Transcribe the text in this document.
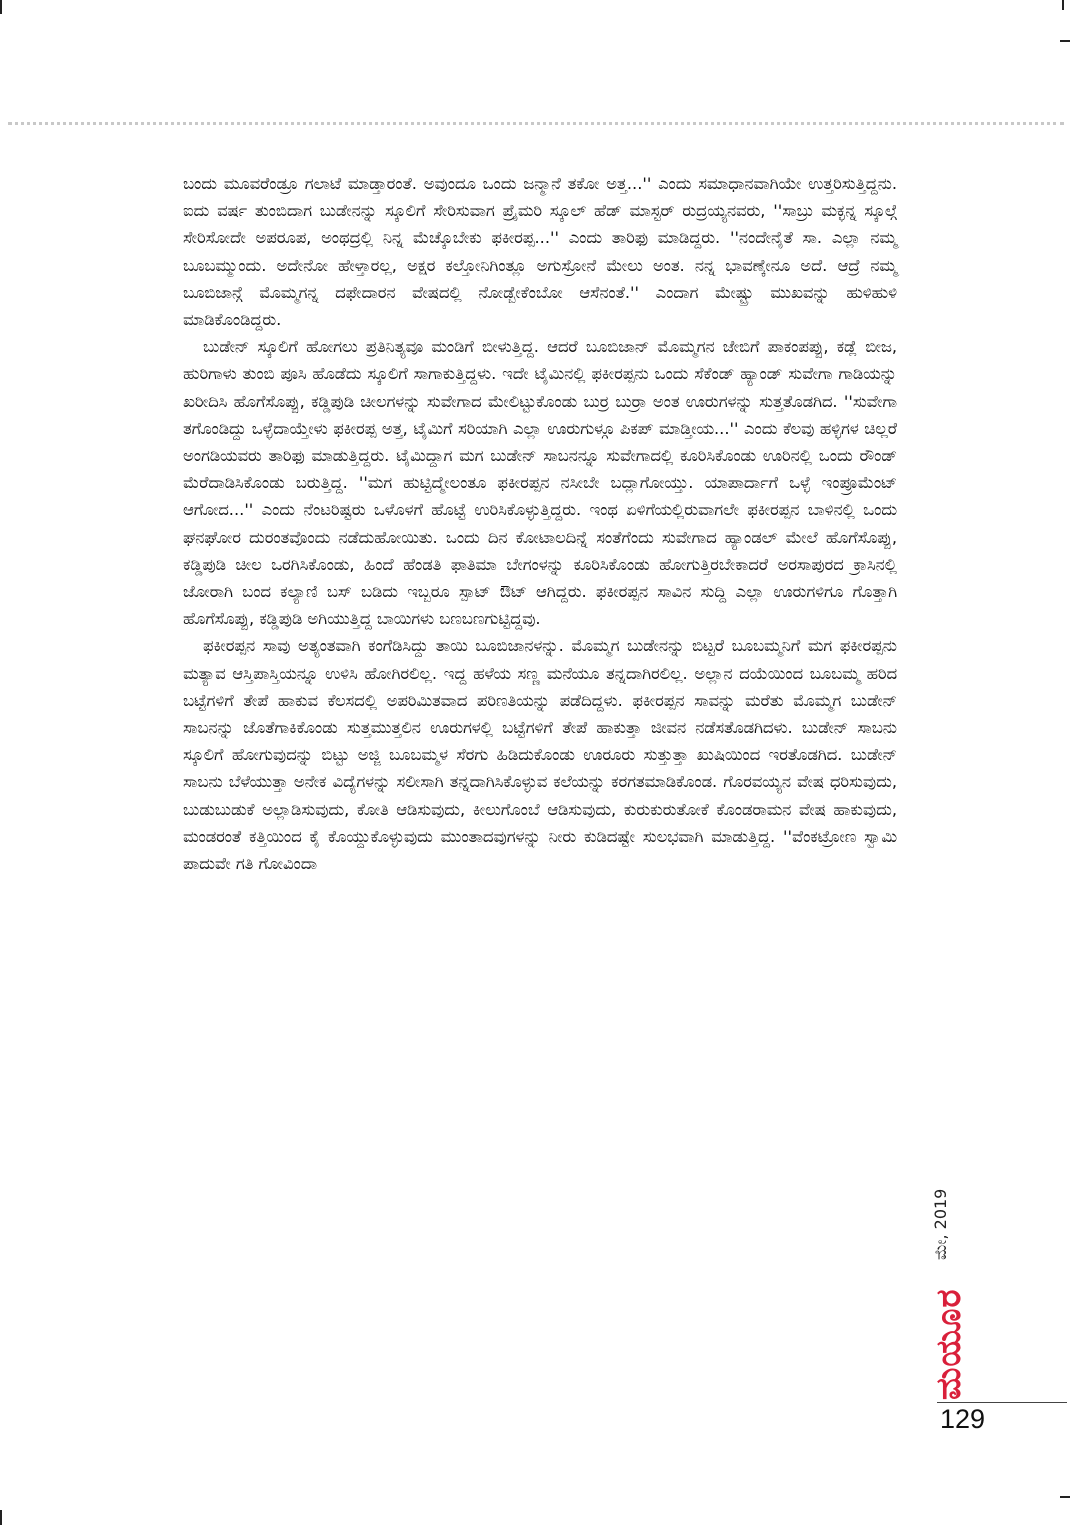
ಬಂದು ಮೂವರೆಂಡ್ರೂ ಗಲಾಟೆ ಮಾಡ್ತಾರಂತೆ. ಅವುಂದೂ ಒಂದು ಜನ್ಮಾನೆ ತಕೋ ಅತ್ತ...'' ಎಂದು ಸಮಾಧಾನವಾಗಿಯೇ ಉತ್ತರಿಸುತ್ತಿದ್ದನು. ಐದು ವರ್ಷ ತುಂಬಿದಾಗ ಬುಡೇನನ್ನು ಸ್ಕೂಲಿಗೆ ಸೇರಿಸುವಾಗ ಪ್ರೈಮರಿ ಸ್ಕೂಲ್ ಹೆಡ್ ಮಾಸ್ಟರ್ ರುದ್ರಯ್ಯನವರು, ''ಸಾಬ್ರು ಮಕ್ಳನ್ನ ಸ್ಕೂಲ್ಗೆ ಸೇರಿಸೋದೇ ಅಪರೂಪ, ಅಂಥದ್ರಲ್ಲಿ ನಿನ್ನ ಮೆಚ್ಕೊಬೇಕು ಫಕೀರಪ್ಪ...'' ಎಂದು ತಾರಿಫು ಮಾಡಿದ್ದರು. ''ನಂದೇನೈತೆ ಸಾ. ಎಲ್ಲಾ ನಮ್ಮ ಬೂಬಮ್ಮುಂದು. ಅದೇನೋ ಹೇಳ್ತಾರಲ್ಲ, ಅಕ್ಷರ ಕಲ್ತೋನಿಗಿಂತ್ಲೂ ಅಗುಸ್ರೋನೆ ಮೇಲು ಅಂತ. ನನ್ನ ಭಾವಣ್ಕೇನೂ ಅದೆ. ಆದ್ರೆ ನಮ್ಮ ಬೂಬಿಜಾನ್ಗೆ ಮೊಮ್ಮಗನ್ನ ದಫೇದಾರನ ವೇಷದಲ್ಲಿ ನೋಡ್ಬೇಕೆಂಬೋ ಆಸೆನಂತೆ.'' ಎಂದಾಗ ಮೇಷ್ಟ್ರು ಮುಖವನ್ನು ಹುಳಿಹುಳಿ ಮಾಡಿಕೊಂಡಿದ್ದರು.

ಬುಡೇನ್ ಸ್ಕೂಲಿಗೆ ಹೋಗಲು ಪ್ರತಿನಿತ್ಯವೂ ಮಂಡಿಗೆ ಬೀಳುತ್ತಿದ್ದ. ಆದರೆ ಬೂಬಿಜಾನ್ ಮೊಮ್ಮಗನ ಜೇಬಿಗೆ ಪಾಕಂಪಪ್ಪು, ಕಡ್ಲೆ ಬೀಜ, ಹುರಿಗಾಳು ತುಂಬಿ ಪೂಸಿ ಹೊಡೆದು ಸ್ಕೂಲಿಗೆ ಸಾಗಾಕುತ್ತಿದ್ದಳು. ಇದೇ ಟೈಮಿನಲ್ಲಿ ಫಕೀರಪ್ಪನು ಒಂದು ಸೆಕೆಂಡ್ ಹ್ಯಾಂಡ್ ಸುವೇಗಾ ಗಾಡಿಯನ್ನು ಖರೀದಿಸಿ ಹೊಗೆಸೊಪ್ಪು, ಕಡ್ಡಿಪುಡಿ ಚೀಲಗಳನ್ನು ಸುವೇಗಾದ ಮೇಲಿಟ್ಟುಕೊಂಡು ಬುರ್ರ ಬುರ್ರಾ ಅಂತ ಊರುಗಳನ್ನು ಸುತ್ತತೊಡಗಿದ. ''ಸುವೇಗಾ ತಗೊಂಡಿದ್ದು ಒಳ್ಳೆದಾಯ್ತೇಳು ಫಕೀರಪ್ಪ ಅತ್ತ, ಟೈಮಿಗೆ ಸರಿಯಾಗಿ ಎಲ್ಲಾ ಊರುಗುಳ್ಗೂ ಪಿಕಪ್ ಮಾಡ್ತೀಯ...'' ಎಂದು ಕೆಲವು ಹಳ್ಳಿಗಳ ಚಿಲ್ಲರೆ ಅಂಗಡಿಯವರು ತಾರಿಫು ಮಾಡುತ್ತಿದ್ದರು. ಟೈಮಿದ್ದಾಗ ಮಗ ಬುಡೇನ್ ಸಾಬನನ್ನೂ ಸುವೇಗಾದಲ್ಲಿ ಕೂರಿಸಿಕೊಂಡು ಊರಿನಲ್ಲಿ ಒಂದು ರೌಂಡ್ ಮೆರೆದಾಡಿಸಿಕೊಂಡು ಬರುತ್ತಿದ್ದ. ''ಮಗ ಹುಟ್ಟಿದ್ಮೇಲಂತೂ ಫಕೀರಪ್ಪನ ನಸೀಬೇ ಬದ್ಲಾಗೋಯ್ತು. ಯಾಪಾರ್ದಾಗೆ ಒಳ್ಳೆ ಇಂಪ್ರೂಮೆಂಟ್ ಆಗೋದ...'' ಎಂದು ನೆಂಟರಿಷ್ಟರು ಒಳೊಳಗೆ ಹೊಟ್ಟೆ ಉರಿಸಿಕೊಳ್ಳುತ್ತಿದ್ದರು. ಇಂಥ ಏಳಿಗೆಯಲ್ಲಿರುವಾಗಲೇ ಫಕೀರಪ್ಪನ ಬಾಳಿನಲ್ಲಿ ಒಂದು ಘನಘೋರ ದುರಂತವೊಂದು ನಡೆದುಹೋಯಿತು. ಒಂದು ದಿನ ಕೋಟಾಲದಿನ್ನೆ ಸಂತೆಗೆಂದು ಸುವೇಗಾದ ಹ್ಯಾಂಡಲ್ ಮೇಲೆ ಹೊಗೆಸೊಪ್ಪು, ಕಡ್ಡಿಪುಡಿ ಚೀಲ ಒರಗಿಸಿಕೊಂಡು, ಹಿಂದೆ ಹೆಂಡತಿ ಫಾತಿಮಾ ಬೇಗಂಳನ್ನು ಕೂರಿಸಿಕೊಂಡು ಹೋಗುತ್ತಿರಬೇಕಾದರೆ ಅರಸಾಪುರದ ಕ್ರಾಸಿನಲ್ಲಿ ಜೋರಾಗಿ ಬಂದ ಕಲ್ಯಾಣಿ ಬಸ್ ಬಡಿದು ಇಬ್ಬರೂ ಸ್ಪಾಟ್ ಔಟ್ ಆಗಿದ್ದರು. ಫಕೀರಪ್ಪನ ಸಾವಿನ ಸುದ್ದಿ ಎಲ್ಲಾ ಊರುಗಳಿಗೂ ಗೊತ್ತಾಗಿ ಹೊಗೆಸೊಪ್ಪು, ಕಡ್ಡಿಪುಡಿ ಅಗಿಯುತ್ತಿದ್ದ ಬಾಯಿಗಳು ಬಣಬಣಗುಟ್ಟಿದ್ದವು.

ಫಕೀರಪ್ಪನ ಸಾವು ಅತ್ಯಂತವಾಗಿ ಕಂಗೆಡಿಸಿದ್ದು ತಾಯಿ ಬೂಬಿಜಾನಳನ್ನು. ಮೊಮ್ಮಗ ಬುಡೇನನ್ನು ಬಿಟ್ಟರೆ ಬೂಬಮ್ಮನಿಗೆ ಮಗ ಫಕೀರಪ್ಪನು ಮತ್ಯಾವ ಆಸ್ತಿಪಾಸ್ತಿಯನ್ನೂ ಉಳಿಸಿ ಹೋಗಿರಲಿಲ್ಲ. ಇದ್ದ ಹಳೆಯ ಸಣ್ಣ ಮನೆಯೂ ತನ್ನದಾಗಿರಲಿಲ್ಲ. ಅಲ್ಲಾನ ದಯೆಯಿಂದ ಬೂಬಮ್ಮ ಹರಿದ ಬಟ್ಟೆಗಳಿಗೆ ತೇಪೆ ಹಾಕುವ ಕೆಲಸದಲ್ಲಿ ಅಪರಿಮಿತವಾದ ಪರಿಣತಿಯನ್ನು ಪಡೆದಿದ್ದಳು. ಫಕೀರಪ್ಪನ ಸಾವನ್ನು ಮರೆತು ಮೊಮ್ಮಗ ಬುಡೇನ್ ಸಾಬನನ್ನು ಜೊತೆಗಾಕಿಕೊಂಡು ಸುತ್ತಮುತ್ತಲಿನ ಊರುಗಳಲ್ಲಿ ಬಟ್ಟೆಗಳಿಗೆ ತೇಪೆ ಹಾಕುತ್ತಾ ಜೀವನ ನಡೆಸತೊಡಗಿದಳು. ಬುಡೇನ್ ಸಾಬನು ಸ್ಕೂಲಿಗೆ ಹೋಗುವುದನ್ನು ಬಿಟ್ಟು ಅಜ್ಜಿ ಬೂಬಮ್ಮಳ ಸೆರಗು ಹಿಡಿದುಕೊಂಡು ಊರೂರು ಸುತ್ತುತ್ತಾ ಖುಷಿಯಿಂದ ಇರತೊಡಗಿದ. ಬುಡೇನ್ ಸಾಬನು ಬೆಳೆಯುತ್ತಾ ಅನೇಕ ವಿದ್ಯೆಗಳನ್ನು ಸಲೀಸಾಗಿ ತನ್ನದಾಗಿಸಿಕೊಳ್ಳುವ ಕಲೆಯನ್ನು ಕರಗತಮಾಡಿಕೊಂಡ. ಗೊರವಯ್ಯನ ವೇಷ ಧರಿಸುವುದು, ಬುಡುಬುಡುಕೆ ಅಲ್ಲಾಡಿಸುವುದು, ಕೋತಿ ಆಡಿಸುವುದು, ಕೀಲುಗೊಂಬೆ ಆಡಿಸುವುದು, ಕುರುಕುರುತೋಕೆ ಕೊಂಡರಾಮನ ವೇಷ ಹಾಕುವುದು, ಮಂಡರಂತೆ ಕತ್ತಿಯಿಂದ ಕೈ ಕೊಯ್ದುಕೊಳ್ಳುವುದು ಮುಂತಾದವುಗಳನ್ನು ನೀರು ಕುಡಿದಷ್ಟೇ ಸುಲಭವಾಗಿ ಮಾಡುತ್ತಿದ್ದ. ''ವೆಂಕಟ್ರೋಣ ಸ್ವಾಮಿ ಪಾದುವೇ ಗತಿ ಗೋವಿಂದಾ

ಮೇ, 2019
ಮಯೂರ
129
